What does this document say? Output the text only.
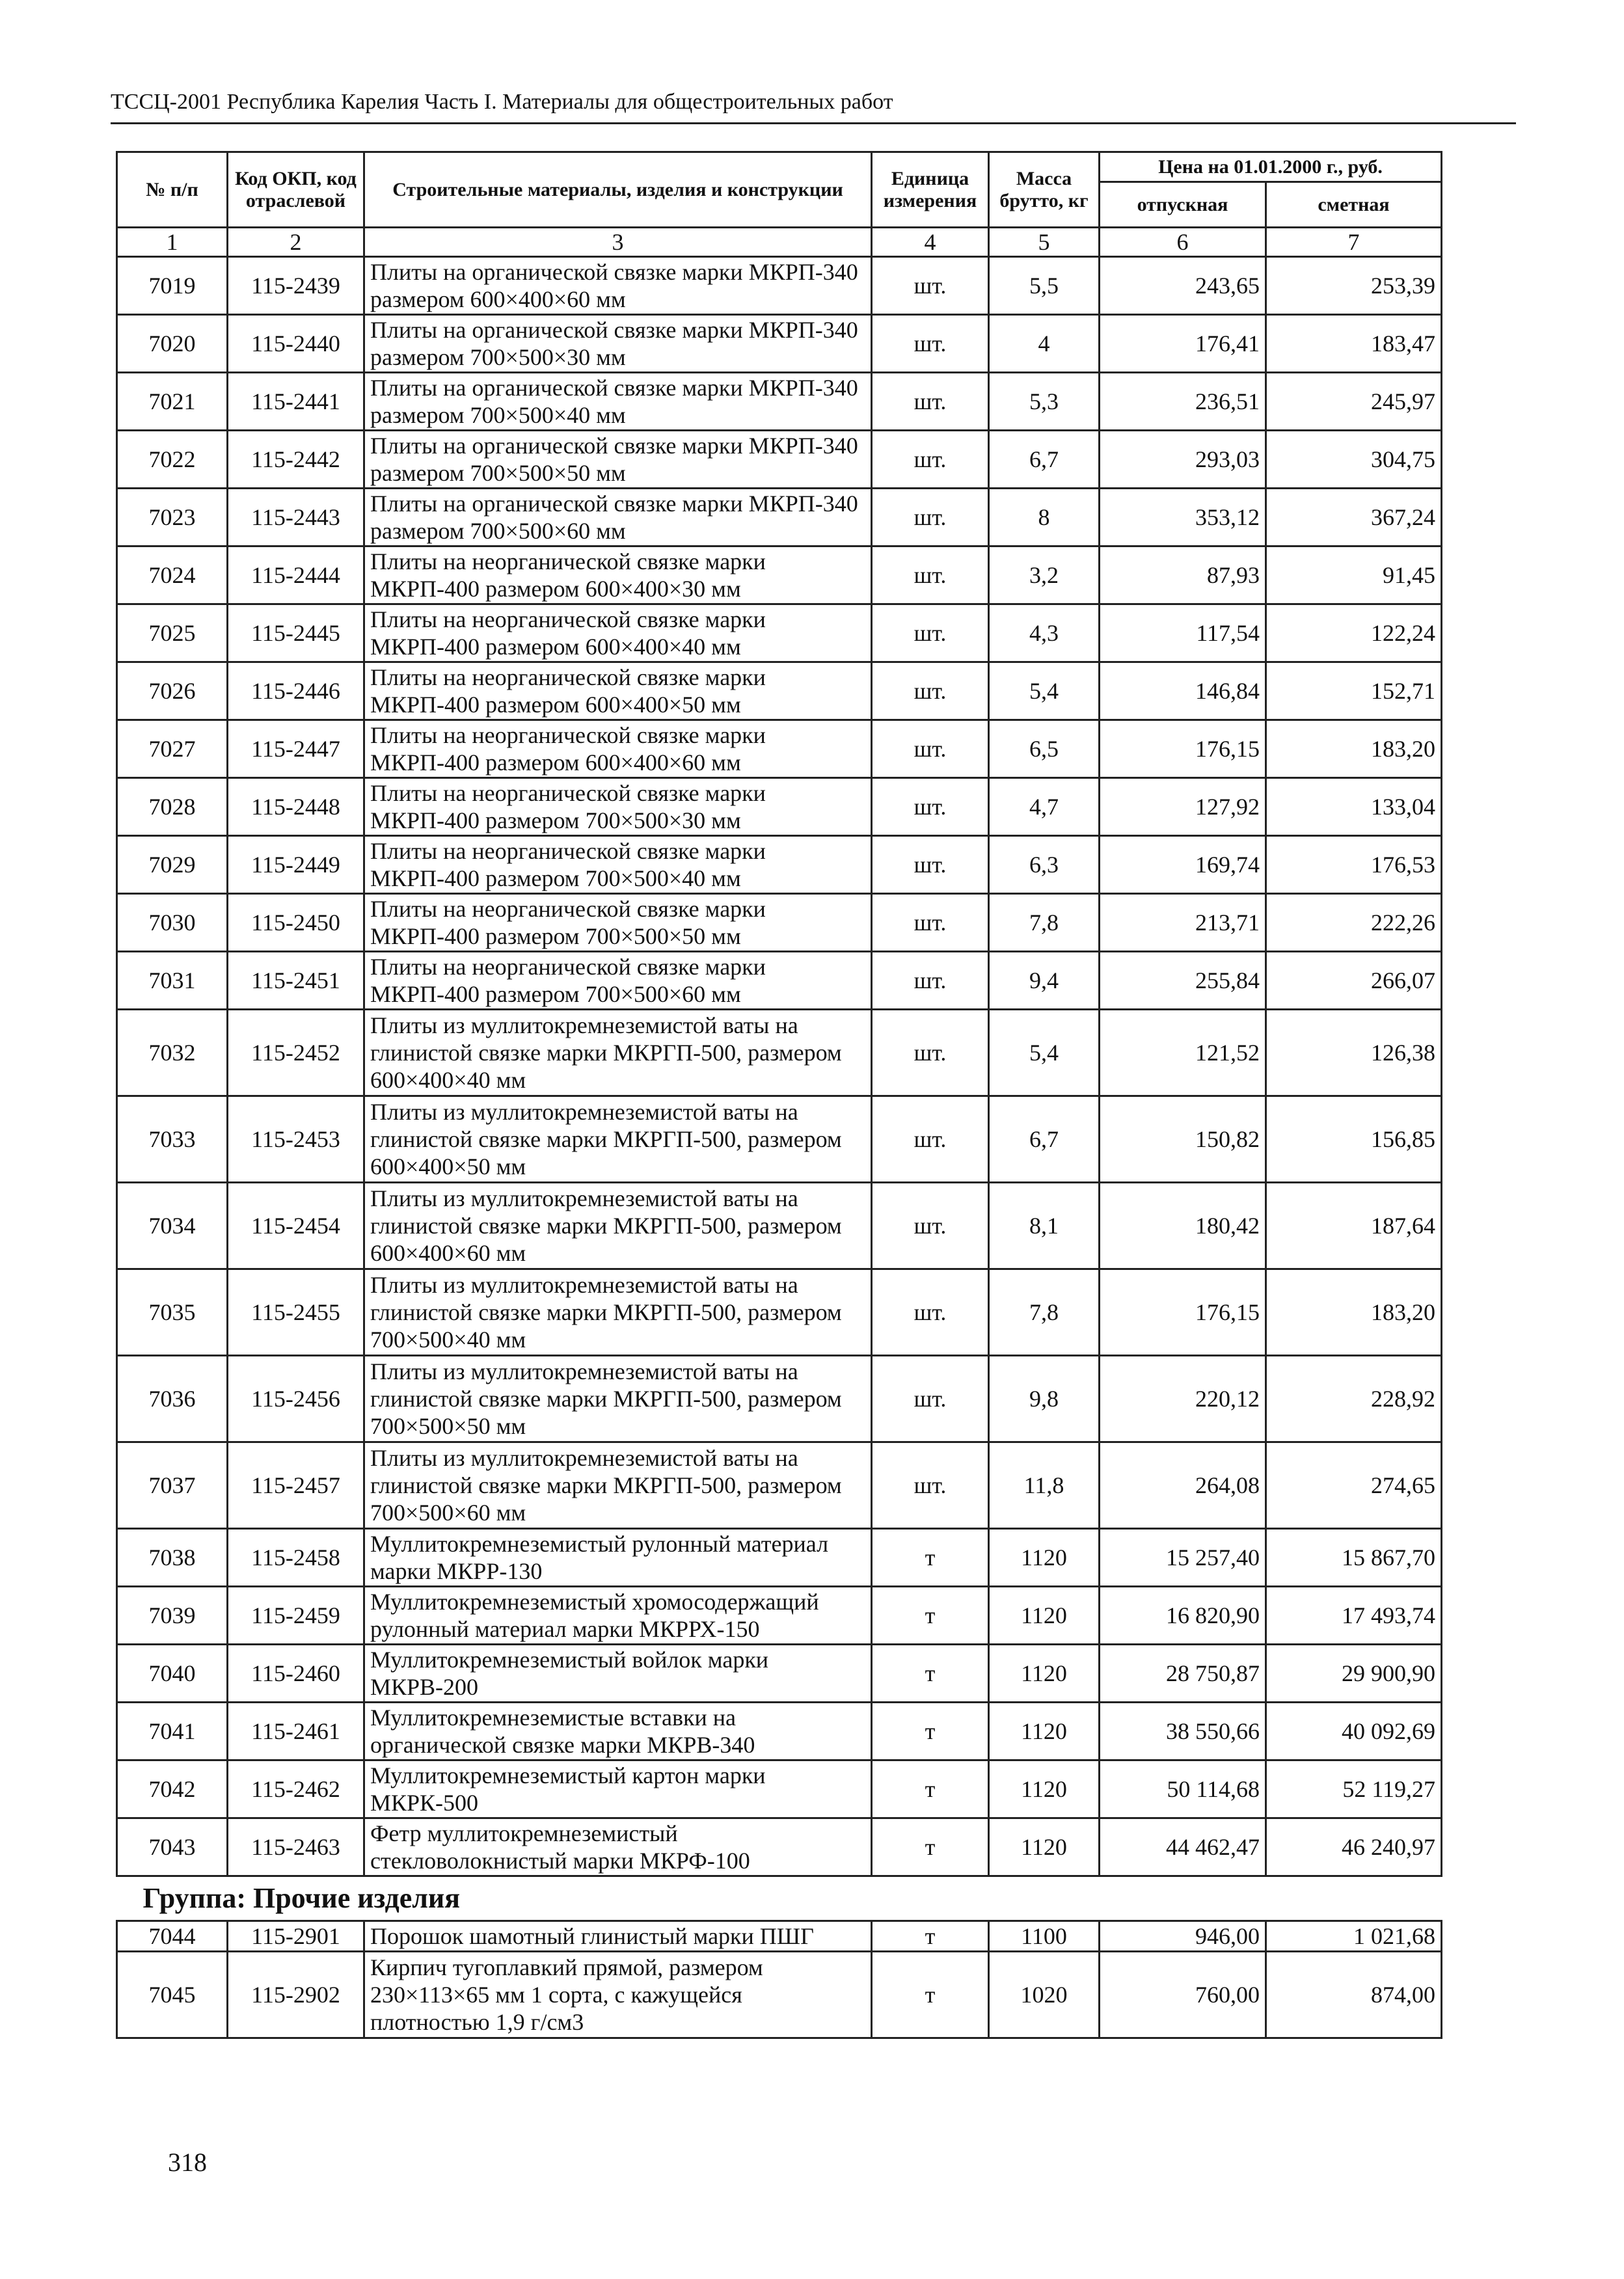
ТССЦ-2001 Республика Карелия Часть I. Материалы для общестроительных работ
№ п/п	Код ОКП, код отраслевой	Строительные материалы, изделия и конструкции	Единица измерения	Масса брутто, кг	Цена на 01.01.2000 г., руб.	
					отпускная	сметная
1	2	3	4	5	6	7
7019	115-2439	Плиты на органической связке марки МКРП-340 размером 600×400×60 мм	шт.	5,5	243,65	253,39
7020	115-2440	Плиты на органической связке марки МКРП-340 размером 700×500×30 мм	шт.	4	176,41	183,47
7021	115-2441	Плиты на органической связке марки МКРП-340 размером 700×500×40 мм	шт.	5,3	236,51	245,97
7022	115-2442	Плиты на органической связке марки МКРП-340 размером 700×500×50 мм	шт.	6,7	293,03	304,75
7023	115-2443	Плиты на органической связке марки МКРП-340 размером 700×500×60 мм	шт.	8	353,12	367,24
7024	115-2444	Плиты на неорганической связке марки МКРП-400 размером 600×400×30 мм	шт.	3,2	87,93	91,45
7025	115-2445	Плиты на неорганической связке марки МКРП-400 размером 600×400×40 мм	шт.	4,3	117,54	122,24
7026	115-2446	Плиты на неорганической связке марки МКРП-400 размером 600×400×50 мм	шт.	5,4	146,84	152,71
7027	115-2447	Плиты на неорганической связке марки МКРП-400 размером 600×400×60 мм	шт.	6,5	176,15	183,20
7028	115-2448	Плиты на неорганической связке марки МКРП-400 размером 700×500×30 мм	шт.	4,7	127,92	133,04
7029	115-2449	Плиты на неорганической связке марки МКРП-400 размером 700×500×40 мм	шт.	6,3	169,74	176,53
7030	115-2450	Плиты на неорганической связке марки МКРП-400 размером 700×500×50 мм	шт.	7,8	213,71	222,26
7031	115-2451	Плиты на неорганической связке марки МКРП-400 размером 700×500×60 мм	шт.	9,4	255,84	266,07
7032	115-2452	Плиты из муллитокремнеземистой ваты на глинистой связке марки МКРГП-500, размером 600×400×40 мм	шт.	5,4	121,52	126,38
7033	115-2453	Плиты из муллитокремнеземистой ваты на глинистой связке марки МКРГП-500, размером 600×400×50 мм	шт.	6,7	150,82	156,85
7034	115-2454	Плиты из муллитокремнеземистой ваты на глинистой связке марки МКРГП-500, размером 600×400×60 мм	шт.	8,1	180,42	187,64
7035	115-2455	Плиты из муллитокремнеземистой ваты на глинистой связке марки МКРГП-500, размером 700×500×40 мм	шт.	7,8	176,15	183,20
7036	115-2456	Плиты из муллитокремнеземистой ваты на глинистой связке марки МКРГП-500, размером 700×500×50 мм	шт.	9,8	220,12	228,92
7037	115-2457	Плиты из муллитокремнеземистой ваты на глинистой связке марки МКРГП-500, размером 700×500×60 мм	шт.	11,8	264,08	274,65
7038	115-2458	Муллитокремнеземистый рулонный материал марки МКРР-130	т	1120	15 257,40	15 867,70
7039	115-2459	Муллитокремнеземистый хромосодержащий рулонный материал марки МКРРХ-150	т	1120	16 820,90	17 493,74
7040	115-2460	Муллитокремнеземистый войлок марки МКРВ-200	т	1120	28 750,87	29 900,90
7041	115-2461	Муллитокремнеземистые вставки на органической связке марки МКРВ-340	т	1120	38 550,66	40 092,69
7042	115-2462	Муллитокремнеземистый картон марки МКРК-500	т	1120	50 114,68	52 119,27
7043	115-2463	Фетр муллитокремнеземистый стекловолокнистый марки МКРФ-100	т	1120	44 462,47	46 240,97
Группа: Прочие изделия						
7044	115-2901	Порошок шамотный глинистый марки ПШГ	т	1100	946,00	1 021,68
7045	115-2902	Кирпич тугоплавкий прямой, размером 230×113×65 мм 1 сорта, с кажущейся плотностью 1,9 г/см3	т	1020	760,00	874,00
318
